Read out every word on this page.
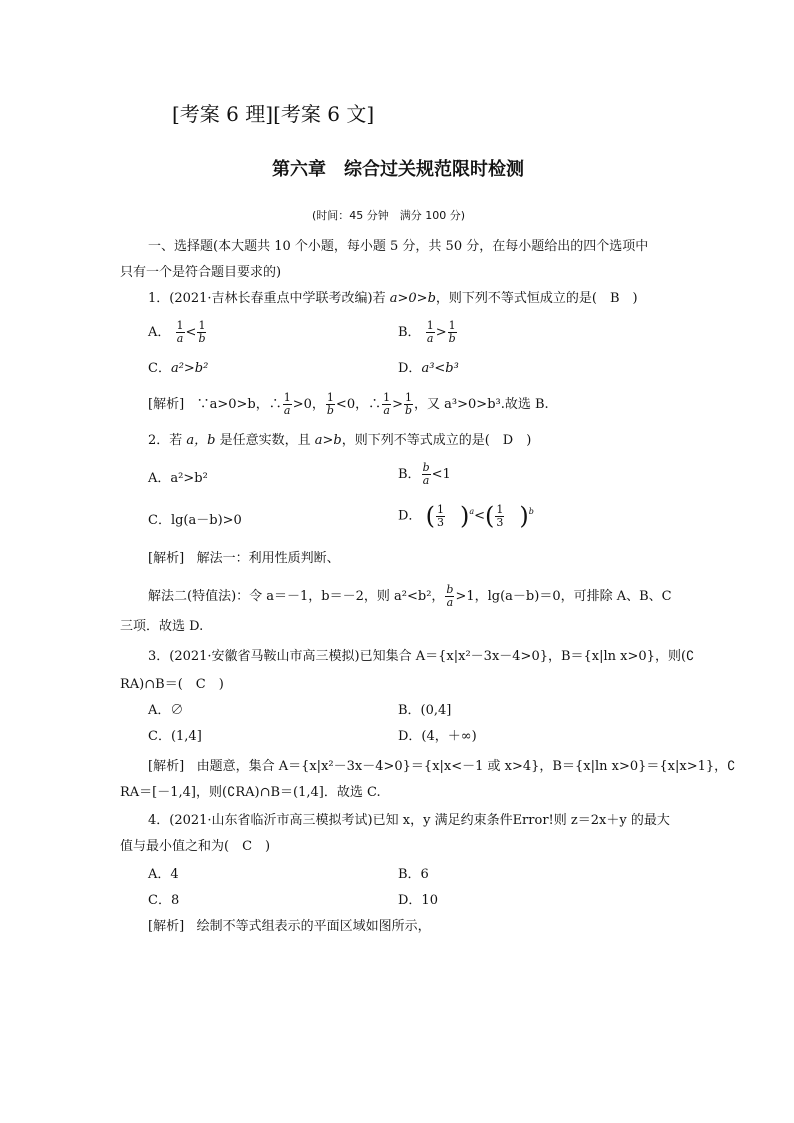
[考案 6 理][考案 6 文]
第六章　综合过关规范限时检测
(时间：45 分钟　满分 100 分)
一、选择题(本大题共 10 个小题，每小题 5 分，共 50 分，在每小题给出的四个选项中
只有一个是符合题目要求的)
1．(2021·吉林长春重点中学联考改编)若 a>0>b，则下列不等式恒成立的是(　B　)
A． $\frac{1}{a} < \frac{1}{b}$	B． $\frac{1}{a} > \frac{1}{b}$
C．a²>b²	D．a³<b³
[解析] ∵a>0>b，∴ $\frac{1}{a} >0$， $\frac{1}{b} <0$，∴ $\frac{1}{a} > \frac{1}{b}$ ，又 a³>0>b³.故选 B.
2．若 a，b 是任意实数，且 a>b，则下列不等式成立的是(　D　)
A．a²>b²	B． $\frac{b}{a} <1$
C．lg(a－b)>0	D． ( $\frac{1}{3} )^a<( \frac{1}{3} )^b$
[解析] 解法一：利用性质判断、
解法二(特值法)：令 a＝－1，b＝－2，则 a²<b²， $\frac{b}{a} >1$，lg(a－b)＝0，可排除 A、B、C
三项．故选 D.
3．(2021·安徽省马鞍山市高三模拟)已知集合 A＝{x|x²－3x－4>0}，B＝{x|ln x>0}，则(∁
RA)∩B＝(　C　)
A．∅	B．(0,4]
C．(1,4]	D．(4，＋∞)
[解析] 由题意，集合 A＝{x|x²－3x－4>0}＝{x|x<－1 或 x>4}，B＝{x|ln x>0}＝{x|x>1}，∁
RA＝[－1,4]，则(∁RA)∩B＝(1,4]．故选 C.
4．(2021·山东省临沂市高三模拟考试)已知 x，y 满足约束条件Error!则 z＝2x＋y 的最大
值与最小值之和为(　C　)
A．4	B．6
C．8	D．10
[解析] 绘制不等式组表示的平面区域如图所示，
